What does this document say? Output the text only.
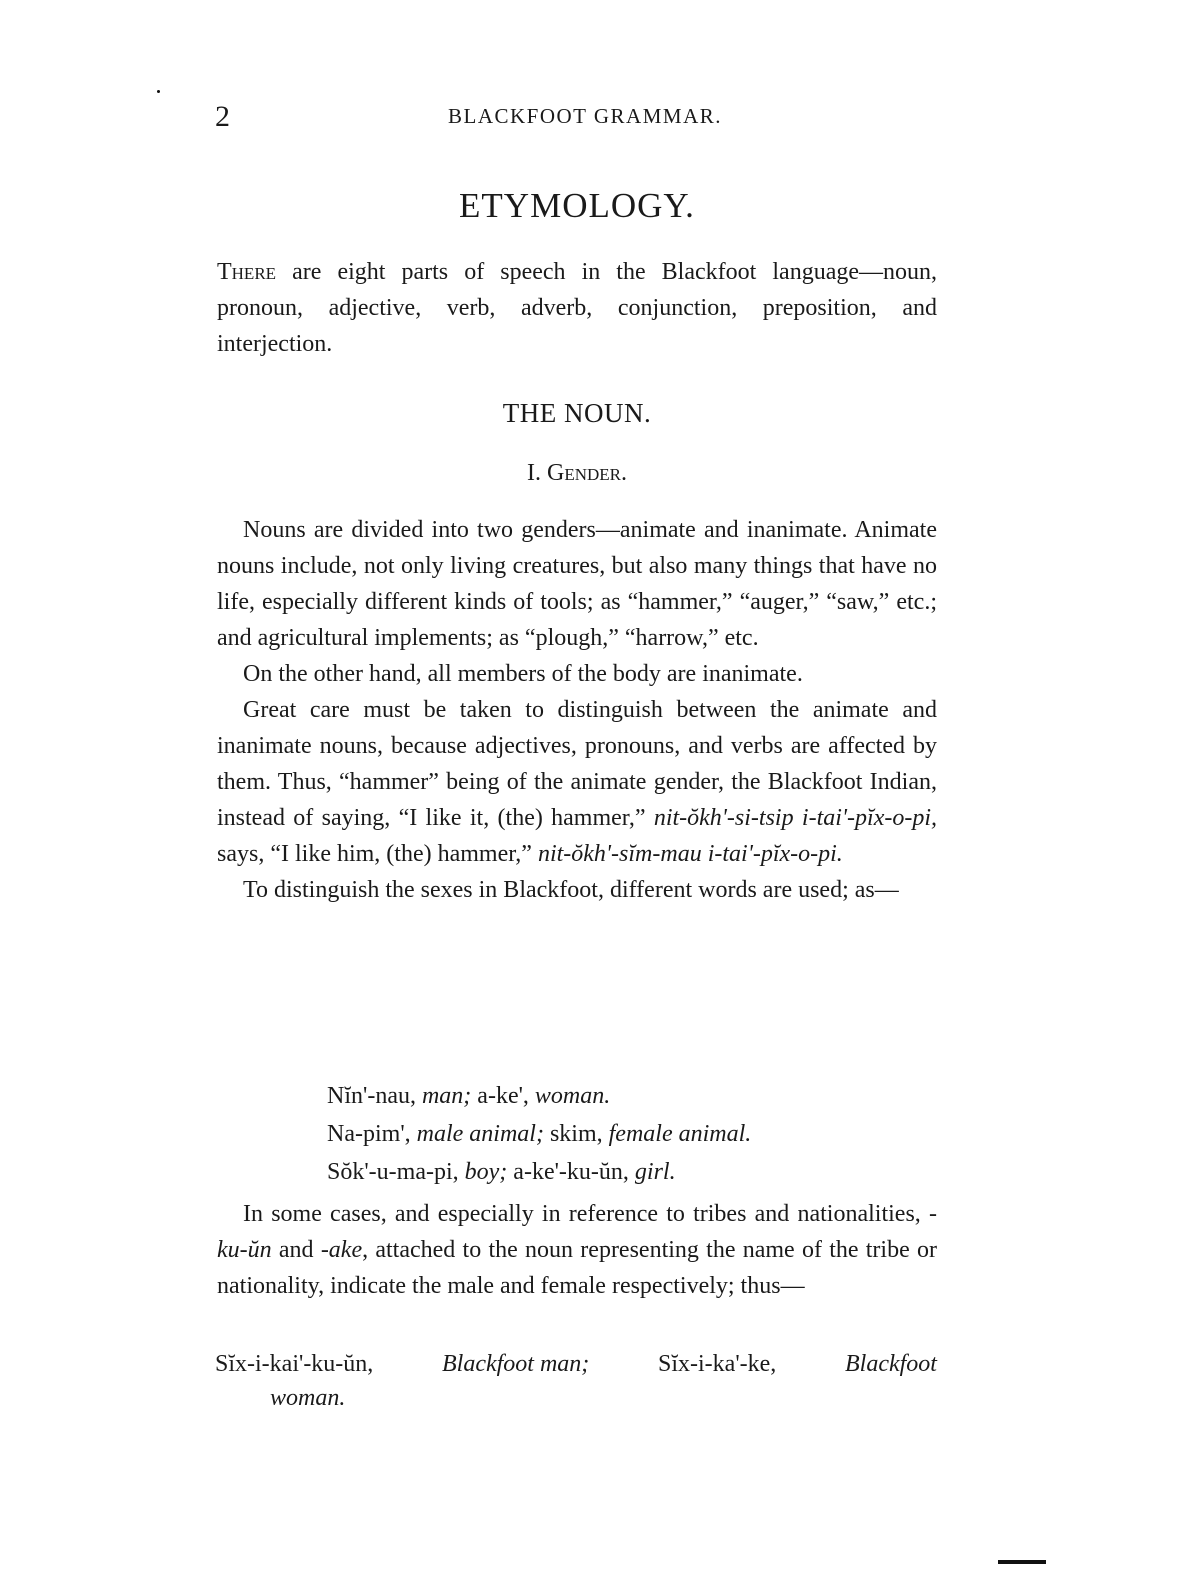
2	BLACKFOOT GRAMMAR.
ETYMOLOGY.

There are eight parts of speech in the Blackfoot language—noun, pronoun, adjective, verb, adverb, conjunction, preposition, and interjection.

THE NOUN.
I. Gender.

Nouns are divided into two genders—animate and inanimate. Animate nouns include, not only living creatures, but also many things that have no life, especially different kinds of tools; as “hammer,” “auger,” “saw,” etc.; and agricultural implements; as “plough,” “harrow,” etc.

On the other hand, all members of the body are inanimate.

Great care must be taken to distinguish between the animate and inanimate nouns, because adjectives, pronouns, and verbs are affected by them. Thus, “hammer” being of the animate gender, the Blackfoot Indian, instead of saying, “I like it, (the) hammer,” nit-ŏkh'-si-tsip i-tai'-pĭx-o-pi, says, “I like him, (the) hammer,” nit-ŏkh'-sĭm-mau i-tai'-pĭx-o-pi.

To distinguish the sexes in Blackfoot, different words are used; as—

Nĭn'-nau, man; a-ke', woman.
Na-pim', male animal; skim, female animal.
Sŏk'-u-ma-pi, boy; a-ke'-ku-ŭn, girl.

In some cases, and especially in reference to tribes and nationalities, -ku-ŭn and -ake, attached to the noun representing the name of the tribe or nationality, indicate the male and female respectively; thus—

Sĭx-i-kai'-ku-ŭn,	Blackfoot man;	Sĭx-i-ka'-ke,	Blackfoot
woman.
